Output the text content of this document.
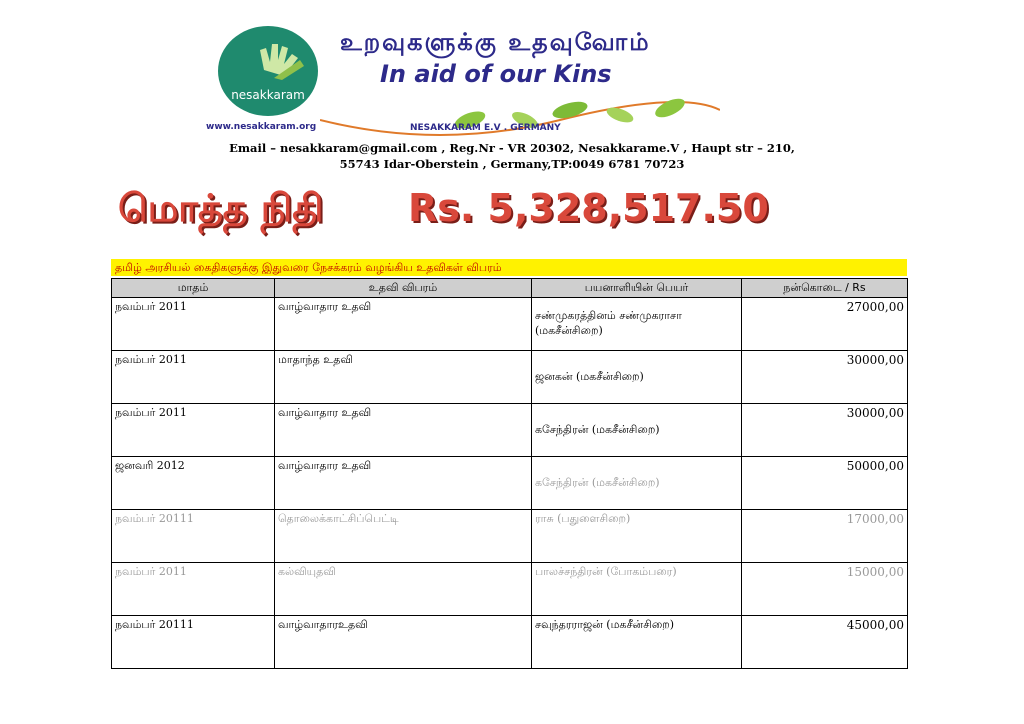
nesakkaram
www.nesakkaram.org
உறவுகளுக்கு உதவுவோம்
In aid of our Kins
NESAKKARAM E.V . GERMANY
Email – nesakkaram@gmail.com , Reg.Nr - VR 20302, Nesakkarame.V , Haupt str – 210,
55743 Idar-Oberstein , Germany,TP:0049 6781 70723
மொத்த நிதி Rs. 5,328,517.50
தமிழ் அரசியல் கைதிகளுக்கு இதுவரை நேசக்கரம் வழங்கிய உதவிகள் விபரம்
மாதம்	உதவி விபரம்	பயனாளியின் பெயர்	நன்கொடை / Rs
நவம்பர் 2011	வாழ்வாதார உதவி	சண்முகரத்தினம் சண்முகராசா (மகசீன்சிறை)	27000,00
நவம்பர் 2011	மாதாந்த உதவி	ஜனகன் (மகசீன்சிறை)	30000,00
நவம்பர் 2011	வாழ்வாதார உதவி	கசேந்திரன் (மகசீன்சிறை)	30000,00
ஜனவரி 2012	வாழ்வாதார உதவி	கசேந்திரன் (மகசீன்சிறை)	50000,00
நவம்பர் 20111	தொலைக்காட்சிப்பெட்டி	ராசு (பதுளைசிறை)	17000,00
நவம்பர் 2011	கல்வியுதவி	பாலச்சந்திரன் (போகம்பரை)	15000,00
நவம்பர் 20111	வாழ்வாதாரஉதவி	சவுந்தரராஜன் (மகசீன்சிறை)	45000,00
